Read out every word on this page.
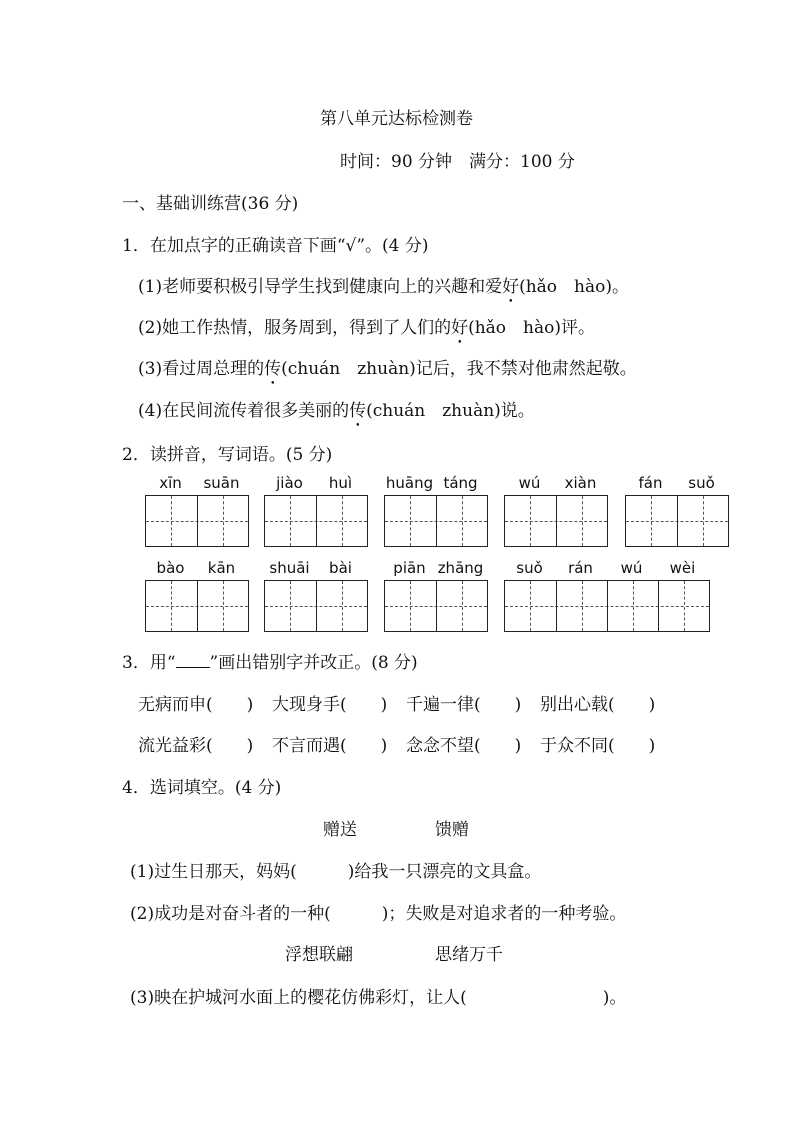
第八单元达标检测卷
时间：90 分钟　满分：100 分
一、基础训练营(36 分)
1．在加点字的正确读音下画“√”。(4 分)
(1)老师要积极引导学生找到健康向上的兴趣和爱好(hǎo　hào)。
(2)她工作热情，服务周到，得到了人们的好(hǎo　hào)评。
(3)看过周总理的传(chuán　zhuàn)记后，我不禁对他肃然起敬。
(4)在民间流传着很多美丽的传(chuán　zhuàn)说。
2．读拼音，写词语。(5 分)
xīn	suān	jiào	huì	huāng táng	wú	xiàn	fán	suǒ
bào	kān	shuāi	bài	piān zhāng	suǒ	rán	wú	wèi
3．用“ ”画出错别字并改正。(8 分)
无病而申(　　) 大现身手(　　) 千遍一律(　　) 别出心载(　　)
流光益彩(　　) 不言而遇(　　) 念念不望(　　) 于众不同(　　)
4．选词填空。(4 分)
赠送	馈赠
(1)过生日那天，妈妈(　　　)给我一只漂亮的文具盒。
(2)成功是对奋斗者的一种(　　　)；失败是对追求者的一种考验。
浮想联翩	思绪万千
(3)映在护城河水面上的樱花仿佛彩灯，让人(　　　　　　　　)。
